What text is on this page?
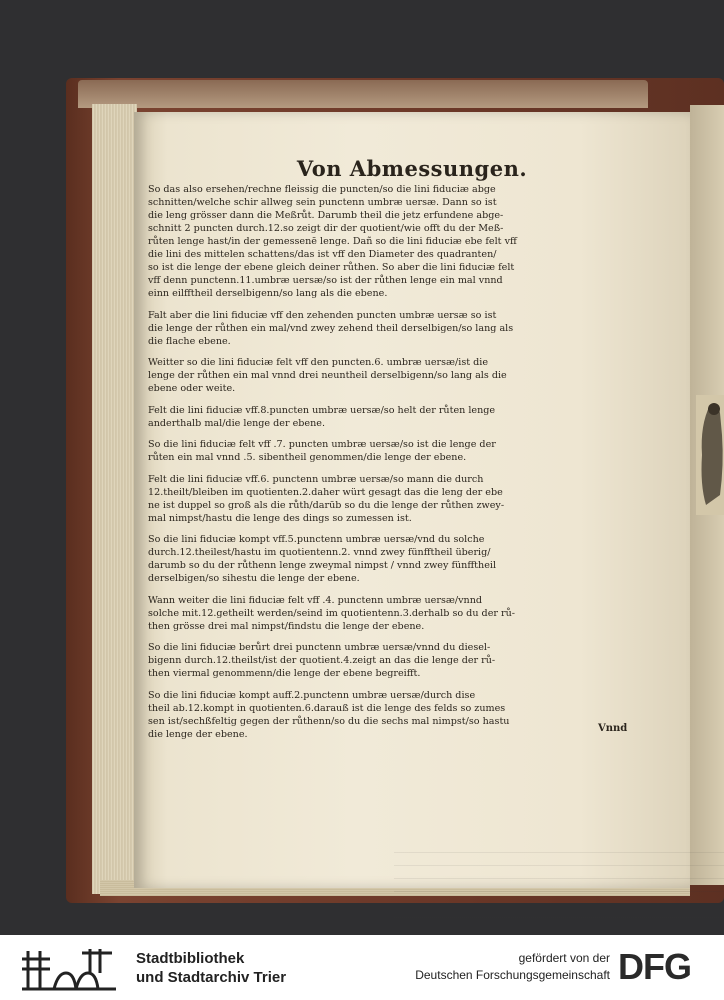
Von Abmessungen.
So das also ersehen/rechne fleissig die puncten/so die lini fiduciæ abge
schnitten/welche schir allweg sein punctenn umbræ uersæ. Dann so ist
die leng grösser dann die Meßrůt. Darumb theil die jetz erfundene abge-
schnitt 2 puncten durch.12.so zeigt dir der quotient/wie offt du der Meß-
růten lenge hast/in der gemessenē lenge. Dañ so die lini fiduciæ ebe felt vff
die lini des mittelen schattens/das ist vff den Diameter des quadranten/
so ist die lenge der ebene gleich deiner růthen. So aber die lini fiduciæ felt
vff denn punctenn.11.umbræ uersæ/so ist der růthen lenge ein mal vnnd
einn eilfftheil derselbigenn/so lang als die ebene.
Falt aber die lini fiduciæ vff den zehenden puncten umbræ uersæ so ist
die lenge der růthen ein mal/vnd zwey zehend theil derselbigen/so lang als
die flache ebene.
Weitter so die lini fiduciæ felt vff den puncten.6. umbræ uersæ/ist die
lenge der růthen ein mal vnnd drei neuntheil derselbigenn/so lang als die
ebene oder weite.
Felt die lini fiduciæ vff.8.puncten umbræ uersæ/so helt der růten lenge
anderthalb mal/die lenge der ebene.
So die lini fiduciæ felt vff .7. puncten umbræ uersæ/so ist die lenge der
růten ein mal vnnd .5. sibentheil genommen/die lenge der ebene.
Felt die lini fiduciæ vff.6. punctenn umbræ uersæ/so mann die durch
12.theilt/bleiben im quotienten.2.daher würt gesagt das die leng der ebe
ne ist duppel so groß als die růth/darūb so du die lenge der růthen zwey-
mal nimpst/hastu die lenge des dings so zumessen ist.
So die lini fiduciæ kompt vff.5.punctenn umbræ uersæ/vnd du solche
durch.12.theilest/hastu im quotientenn.2. vnnd zwey fünfftheil überig/
darumb so du der růthenn lenge zweymal nimpst / vnnd zwey fünfftheil
derselbigen/so sihestu die lenge der ebene.
Wann weiter die lini fiduciæ felt vff .4. punctenn umbræ uersæ/vnnd
solche mit.12.getheilt werden/seind im quotientenn.3.derhalb so du der rů-
then grösse drei mal nimpst/findstu die lenge der ebene.
So die lini fiduciæ berůrt drei punctenn umbræ uersæ/vnnd du diesel-
bigenn durch.12.theilst/ist der quotient.4.zeigt an das die lenge der rů-
then viermal genommenn/die lenge der ebene begreifft.
So die lini fiduciæ kompt auff.2.punctenn umbræ uersæ/durch dise
theil ab.12.kompt in quotienten.6.darauß ist die lenge des felds so zumes
sen ist/sechßfeltig gegen der růthenn/so du die sechs mal nimpst/so hastu
die lenge der ebene.	Vnnd
Stadtbibliothek
und Stadtarchiv Trier
gefördert von der
Deutschen Forschungsgemeinschaft DFG
